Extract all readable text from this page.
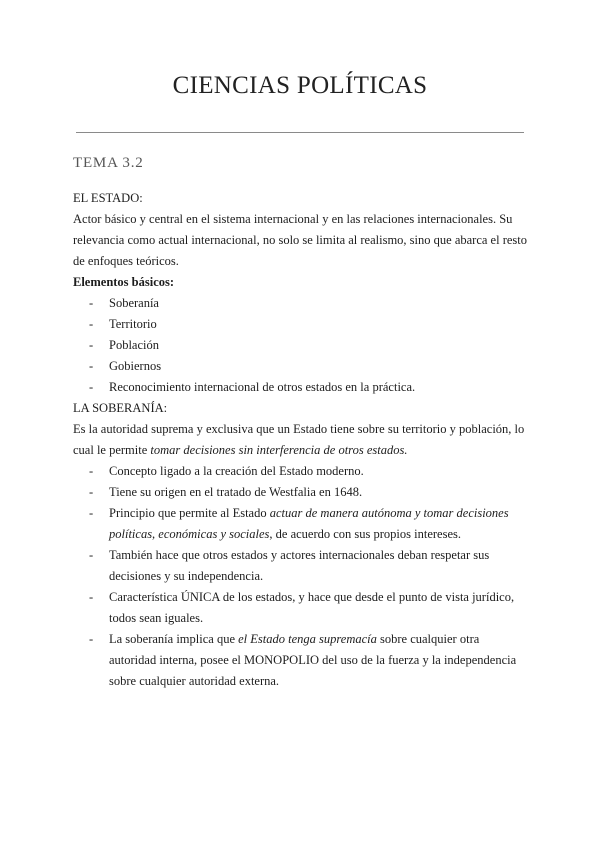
CIENCIAS POLÍTICAS
TEMA 3.2

EL ESTADO:

Actor básico y central en el sistema internacional y en las relaciones internacionales. Su relevancia como actual internacional, no solo se limita al realismo, sino que abarca el resto de enfoques teóricos.

Elementos básicos:

- Soberanía
- Territorio
- Población
- Gobiernos
- Reconocimiento internacional de otros estados en la práctica.

LA SOBERANÍA:

Es la autoridad suprema y exclusiva que un Estado tiene sobre su territorio y población, lo cual le permite tomar decisiones sin interferencia de otros estados.

- Concepto ligado a la creación del Estado moderno.
- Tiene su origen en el tratado de Westfalia en 1648.
- Principio que permite al Estado actuar de manera autónoma y tomar decisiones políticas, económicas y sociales, de acuerdo con sus propios intereses.
- También hace que otros estados y actores internacionales deban respetar sus decisiones y su independencia.
- Característica ÚNICA de los estados, y hace que desde el punto de vista jurídico, todos sean iguales.
- La soberanía implica que el Estado tenga supremacía sobre cualquier otra autoridad interna, posee el MONOPOLIO del uso de la fuerza y la independencia sobre cualquier autoridad externa.
